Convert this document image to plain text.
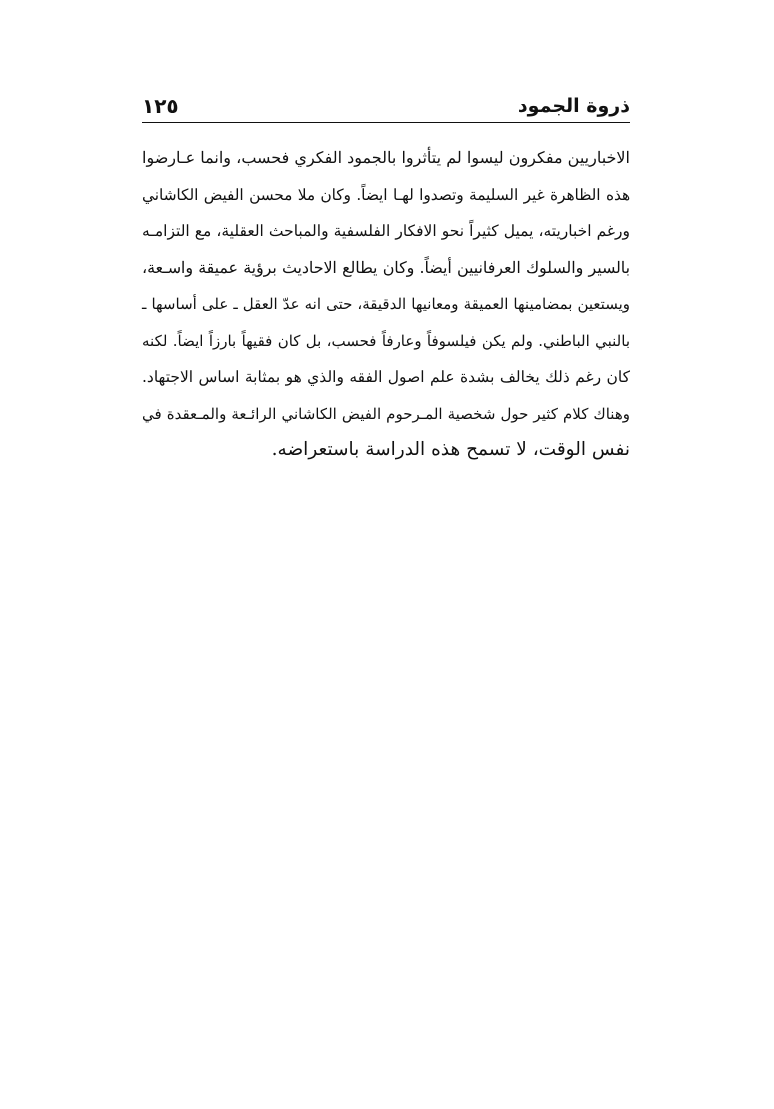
ذروة الجمود
١٢٥
الاخباريين مفكرون ليسوا لم يتأثروا بالجمود الفكري فحسب، وانما عـارضوا
هذه الظاهرة غير السليمة وتصدوا لهـا ايضاً. وكان ملا محسن الفيض الكاشاني
ورغم اخباريته، يميل كثيراً نحو الافكار الفلسفية والمباحث العقلية، مع التزامـه
بالسير والسلوك العرفانيين أيضاً. وكان يطالع الاحاديث برؤية عميقة واسـعة،
ويستعين بمضامينها العميقة ومعانيها الدقيقة، حتى انه عدّ العقل ـ على أساسها ـ
بالنبي الباطني. ولم يكن فيلسوفاً وعارفاً فحسب، بل كان فقيهاً بارزاً ايضاً. لكنه
كان رغم ذلك يخالف بشدة علم اصول الفقه والذي هو بمثابة اساس الاجتهاد.
وهناك كلام كثير حول شخصية المـرحوم الفيض الكاشاني الرائـعة والمـعقدة في
نفس الوقت، لا تسمح هذه الدراسة باستعراضه.
